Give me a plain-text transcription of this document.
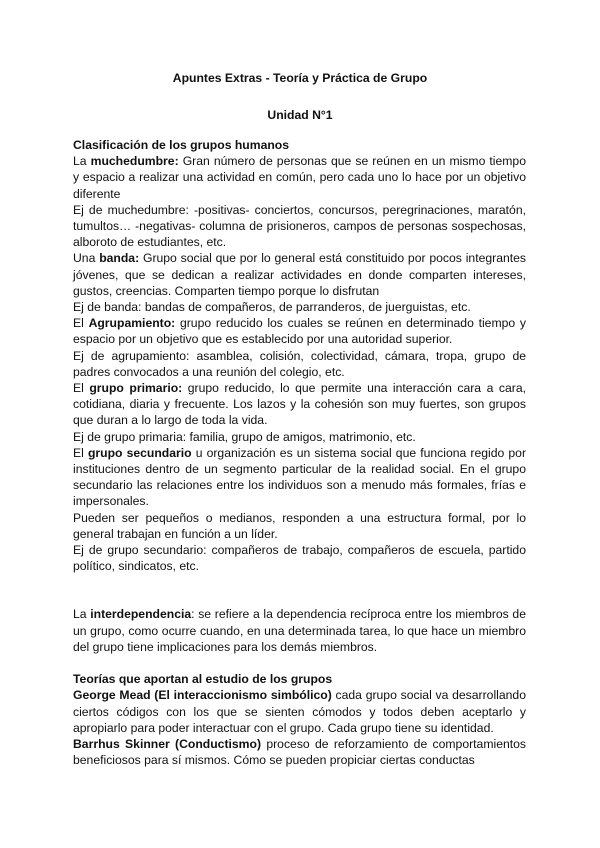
Apuntes Extras - Teoría y Práctica de Grupo
Unidad N°1

Clasificación de los grupos humanos

La muchedumbre: Gran número de personas que se reúnen en un mismo tiempo y espacio a realizar una actividad en común, pero cada uno lo hace por un objetivo diferente

Ej de muchedumbre: -positivas- conciertos, concursos, peregrinaciones, maratón, tumultos… -negativas- columna de prisioneros, campos de personas sospechosas, alboroto de estudiantes, etc.

Una banda: Grupo social que por lo general está constituido por pocos integrantes jóvenes, que se dedican a realizar actividades en donde comparten intereses, gustos, creencias. Comparten tiempo porque lo disfrutan

Ej de banda: bandas de compañeros, de parranderos, de juerguistas, etc.

El Agrupamiento: grupo reducido los cuales se reúnen en determinado tiempo y espacio por un objetivo que es establecido por una autoridad superior.

Ej de agrupamiento: asamblea, colisión, colectividad, cámara, tropa, grupo de padres convocados a una reunión del colegio, etc.

El grupo primario: grupo reducido, lo que permite una interacción cara a cara, cotidiana, diaria y frecuente. Los lazos y la cohesión son muy fuertes, son grupos que duran a lo largo de toda la vida.

Ej de grupo primaria: familia, grupo de amigos, matrimonio, etc.

El grupo secundario u organización es un sistema social que funciona regido por instituciones dentro de un segmento particular de la realidad social. En el grupo secundario las relaciones entre los individuos son a menudo más formales, frías e impersonales.

Pueden ser pequeños o medianos, responden a una estructura formal, por lo general trabajan en función a un líder.

Ej de grupo secundario: compañeros de trabajo, compañeros de escuela, partido político, sindicatos, etc.

La interdependencia: se refiere a la dependencia recíproca entre los miembros de un grupo, como ocurre cuando, en una determinada tarea, lo que hace un miembro del grupo tiene implicaciones para los demás miembros.

Teorías que aportan al estudio de los grupos

George Mead (El interaccionismo simbólico) cada grupo social va desarrollando ciertos códigos con los que se sienten cómodos y todos deben aceptarlo y apropiarlo para poder interactuar con el grupo. Cada grupo tiene su identidad.

Barrhus Skinner (Conductismo) proceso de reforzamiento de comportamientos beneficiosos para sí mismos. Cómo se pueden propiciar ciertas conductas
